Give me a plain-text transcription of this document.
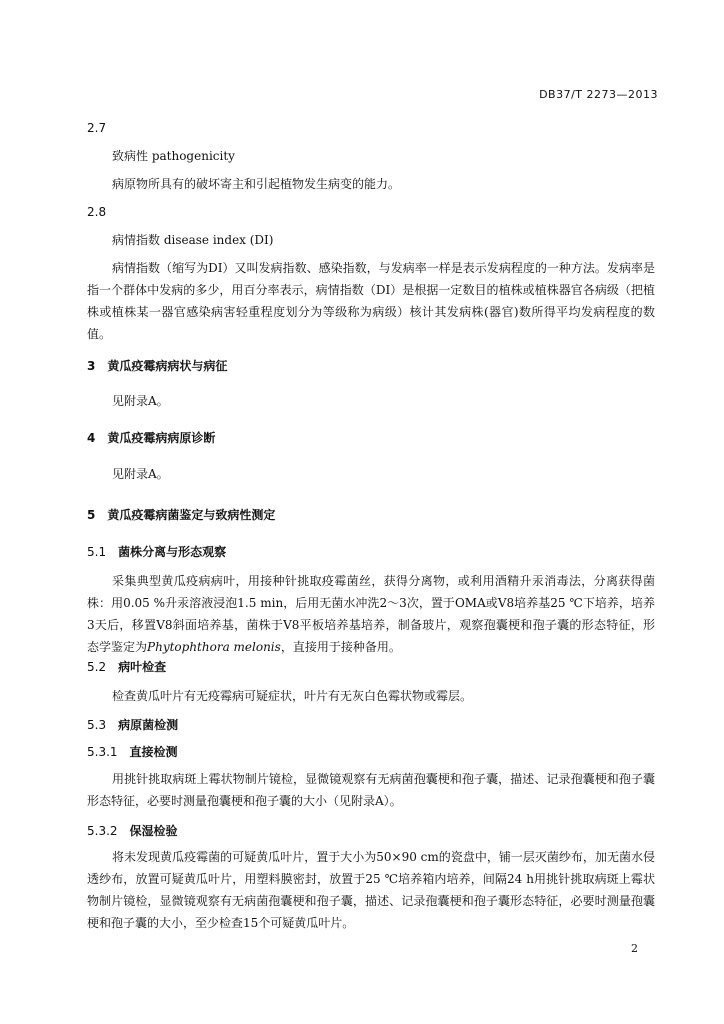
DB37/T 2273—2013
2.7
致病性 pathogenicity
病原物所具有的破坏寄主和引起植物发生病变的能力。
2.8
病情指数 disease index (DI)
病情指数（缩写为DI）又叫发病指数、感染指数，与发病率一样是表示发病程度的一种方法。发病率是指一个群体中发病的多少，用百分率表示，病情指数（DI）是根据一定数目的植株或植株器官各病级（把植株或植株某一器官感染病害轻重程度划分为等级称为病级）核计其发病株(器官)数所得平均发病程度的数值。
3 黄瓜疫霉病病状与病征
见附录A。
4 黄瓜疫霉病病原诊断
见附录A。
5 黄瓜疫霉病菌鉴定与致病性测定
5.1 菌株分离与形态观察
采集典型黄瓜疫病病叶，用接种针挑取疫霉菌丝，获得分离物，或利用酒精升汞消毒法，分离获得菌株：用0.05 %升汞溶液浸泡1.5 min，后用无菌水冲洗2～3次，置于OMA或V8培养基25 ℃下培养，培养3天后，移置V8斜面培养基，菌株于V8平板培养基培养，制备玻片，观察孢囊梗和孢子囊的形态特征，形态学鉴定为Phytophthora melonis，直接用于接种备用。
5.2 病叶检查
检查黄瓜叶片有无疫霉病可疑症状，叶片有无灰白色霉状物或霉层。
5.3 病原菌检测
5.3.1 直接检测
用挑针挑取病斑上霉状物制片镜检，显微镜观察有无病菌孢囊梗和孢子囊，描述、记录孢囊梗和孢子囊形态特征，必要时测量孢囊梗和孢子囊的大小（见附录A）。
5.3.2 保湿检验
将未发现黄瓜疫霉菌的可疑黄瓜叶片，置于大小为50×90 cm的瓷盘中，铺一层灭菌纱布，加无菌水侵透纱布，放置可疑黄瓜叶片，用塑料膜密封，放置于25 ℃培养箱内培养，间隔24 h用挑针挑取病斑上霉状物制片镜检，显微镜观察有无病菌孢囊梗和孢子囊，描述、记录孢囊梗和孢子囊形态特征，必要时测量孢囊梗和孢子囊的大小，至少检查15个可疑黄瓜叶片。
2
